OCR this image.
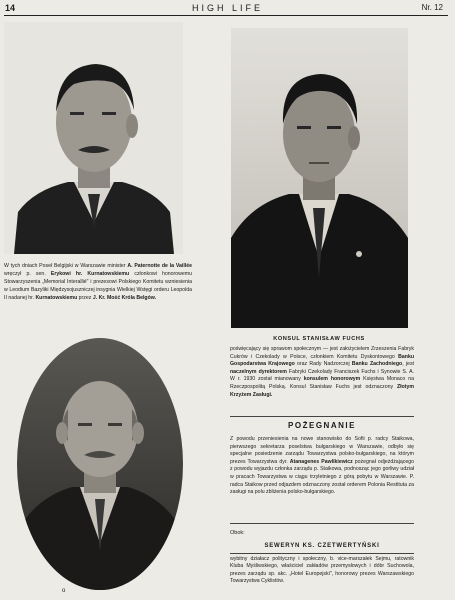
14	HIGH LIFE	Nr. 12
W tych dniach Poseł Belgijski w Warszawie minister A. Paternotte de la Vaillée wręczył p. sen. Erykowi hr. Kurnatowskiemu członkowi honorowemu Stowarzyszenia „Memorial Interallié" i prezesowi Polskiego Komitetu wzniesienia w Leodium Bazyliki Międzysojuszniczej insygnia Wielkiej Wstęgi orderu Leopolda II nadanej hr. Kurnatowskiemu przez J. Kr. Mość Króla Belgów.
KONSUL STANISŁAW FUCHS
poświęcający się sprawom społecznym — jest założycielem Zrzeszenia Fabryk Cukrów i Czekolady w Polsce, członkiem Komitetu Dyskontowego Banku Gospodarstwa Krajowego oraz Rady Nadzorczej Banku Zachodniego, jest naczelnym dyrektorem Fabryki Czekolady Franciszek Fuchs i Synowie S. A. W r. 1930 został mianowany konsulem honorowym Księstwa Monaco na Rzeczpospolitą Polską. Konsul Stanisław Fuchs jest odznaczony Złotym Krzyżem Zasługi.
POŻEGNANIE
Z powodu przeniesienia na nowe stanowisko do Sofii p. radcy Staikowa, pierwszego sekretarza poselstwa bułgarskiego w Warszawie, odbyło się specjalne posiedzenie zarządu Towarzystwa polsko-bułgarskiego, na którym prezes Towarzystwa dyr. Atanagenes Pawlikiewicz pożegnał odjeżdżającego z powodu wyjazdu członka zarządu p. Staikowa, podnosząc jego gorliwy udział w pracach Towarzystwa w ciągu trzyletniego z górą pobytu w Warszawie. P. radca Staikow przed odjazdem odznaczony został orderem Polonia Restituta za zasługi na polu zbliżenia polsko-bułgarskiego.
Obok:
SEWERYN KS. CZETWERTYŃSKI
wybitny działacz polityczny i społeczny, b. vice-marszałek Sejmu, ratownik Kluba Myśliwskiego, właściciel zakładów przemysłowych i dóbr Suchowola, prezes zarządu sp. akc. „Hotel Europejski", honorowy prezes Warszawskiego Towarzystwa Cyklistów.
o
